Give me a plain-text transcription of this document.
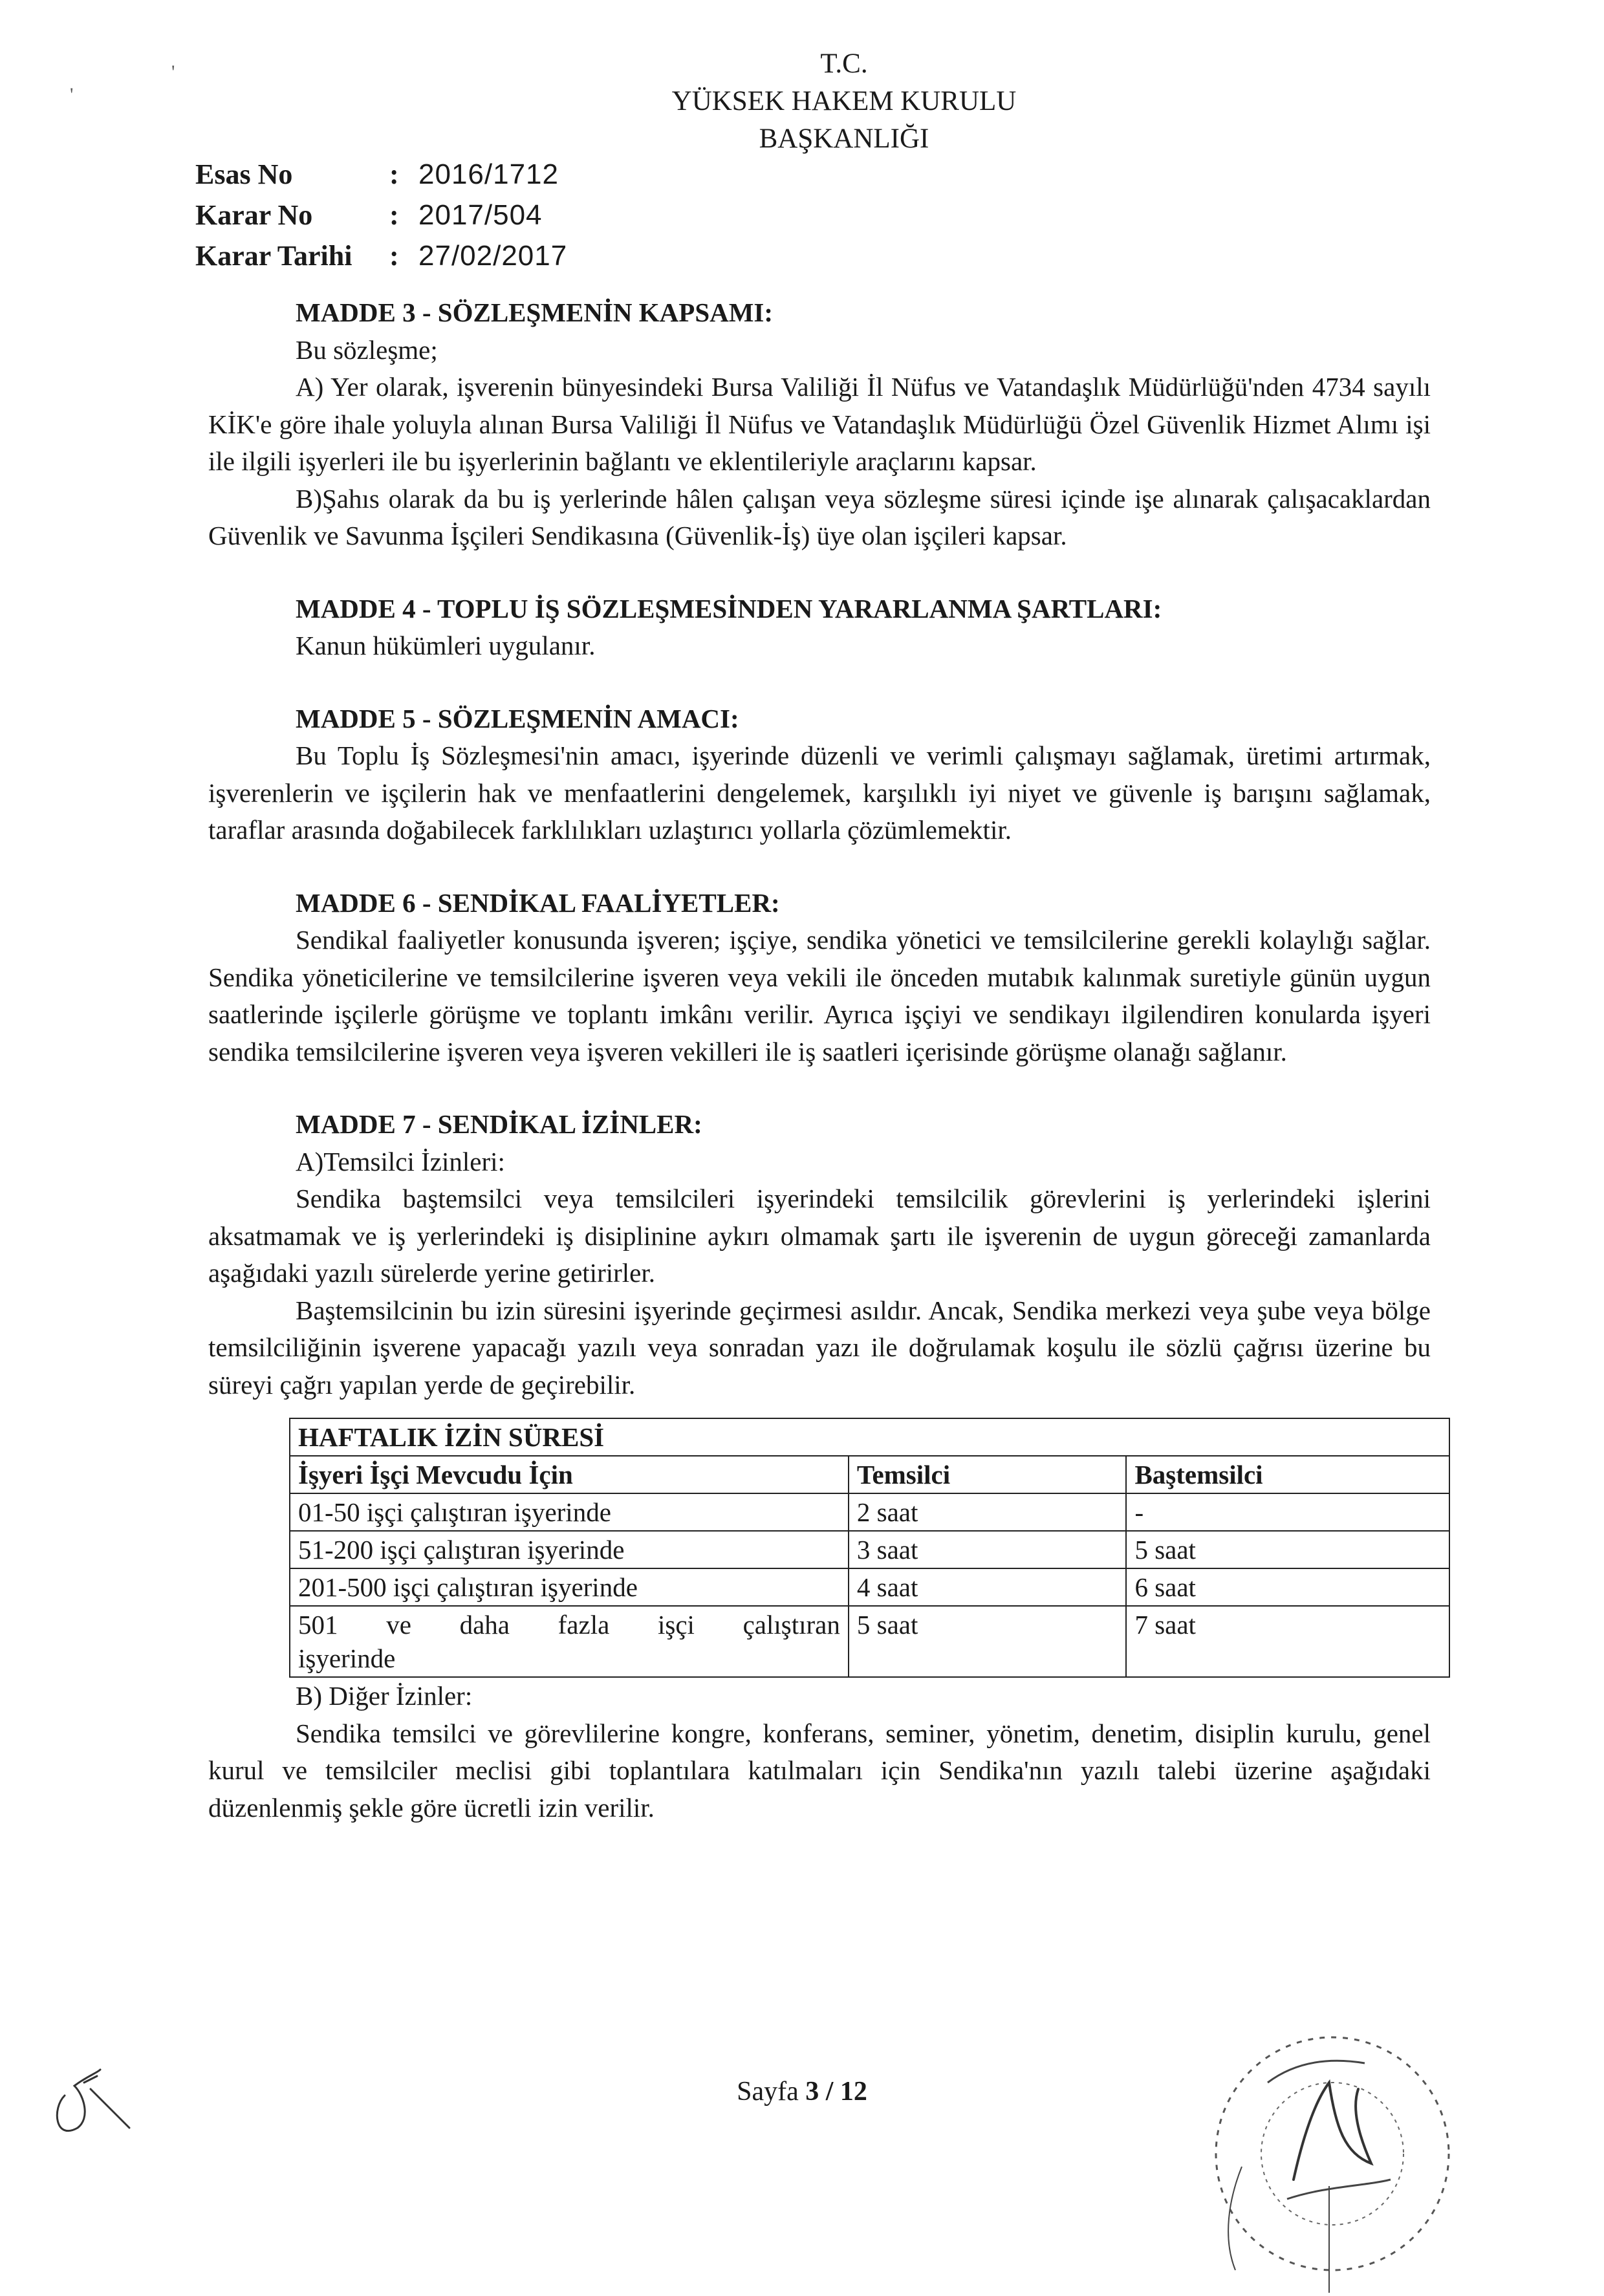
'
'
T.C.
YÜKSEK HAKEM KURULU
BAŞKANLIĞI
Esas No	: 2016/1712
Karar No	: 2017/504
Karar Tarihi	: 27/02/2017

MADDE 3 - SÖZLEŞMENİN KAPSAMI:

Bu sözleşme;

A) Yer olarak, işverenin bünyesindeki Bursa Valiliği İl Nüfus ve Vatandaşlık Müdürlüğü'nden 4734 sayılı KİK'e göre ihale yoluyla alınan Bursa Valiliği İl Nüfus ve Vatandaşlık Müdürlüğü Özel Güvenlik Hizmet Alımı işi ile ilgili işyerleri ile bu işyerlerinin bağlantı ve eklentileriyle araçlarını kapsar.

B)Şahıs olarak da bu iş yerlerinde hâlen çalışan veya sözleşme süresi içinde işe alınarak çalışacaklardan Güvenlik ve Savunma İşçileri Sendikasına (Güvenlik-İş) üye olan işçileri kapsar.

MADDE 4 - TOPLU İŞ SÖZLEŞMESİNDEN YARARLANMA ŞARTLARI:

Kanun hükümleri uygulanır.

MADDE 5 - SÖZLEŞMENİN AMACI:

Bu Toplu İş Sözleşmesi'nin amacı, işyerinde düzenli ve verimli çalışmayı sağlamak, üretimi artırmak, işverenlerin ve işçilerin hak ve menfaatlerini dengelemek, karşılıklı iyi niyet ve güvenle iş barışını sağlamak, taraflar arasında doğabilecek farklılıkları uzlaştırıcı yollarla çözümlemektir.

MADDE 6 - SENDİKAL FAALİYETLER:

Sendikal faaliyetler konusunda işveren; işçiye, sendika yönetici ve temsilcilerine gerekli kolaylığı sağlar. Sendika yöneticilerine ve temsilcilerine işveren veya vekili ile önceden mutabık kalınmak suretiyle günün uygun saatlerinde işçilerle görüşme ve toplantı imkânı verilir. Ayrıca işçiyi ve sendikayı ilgilendiren konularda işyeri sendika temsilcilerine işveren veya işveren vekilleri ile iş saatleri içerisinde görüşme olanağı sağlanır.

MADDE 7 - SENDİKAL İZİNLER:

A)Temsilci İzinleri:

Sendika baştemsilci veya temsilcileri işyerindeki temsilcilik görevlerini iş yerlerindeki işlerini aksatmamak ve iş yerlerindeki iş disiplinine aykırı olmamak şartı ile işverenin de uygun göreceği zamanlarda aşağıdaki yazılı sürelerde yerine getirirler.

Baştemsilcinin bu izin süresini işyerinde geçirmesi asıldır. Ancak, Sendika merkezi veya şube veya bölge temsilciliğinin işverene yapacağı yazılı veya sonradan yazı ile doğrulamak koşulu ile sözlü çağrısı üzerine bu süreyi çağrı yapılan yerde de geçirebilir.

HAFTALIK İZİN SÜRESİ		
İşyeri İşçi Mevcudu İçin	Temsilci	Baştemsilci
01-50 işçi çalıştıran işyerinde	2 saat	-
51-200 işçi çalıştıran işyerinde	3 saat	5 saat
201-500 işçi çalıştıran işyerinde	4 saat	6 saat

501 ve daha fazla işçi çalıştıran
işyerinde	5 saat	7 saat

B) Diğer İzinler:

Sendika temsilci ve görevlilerine kongre, konferans, seminer, yönetim, denetim, disiplin kurulu, genel kurul ve temsilciler meclisi gibi toplantılara katılmaları için Sendika'nın yazılı talebi üzerine aşağıdaki düzenlenmiş şekle göre ücretli izin verilir.

Sayfa 3 / 12
